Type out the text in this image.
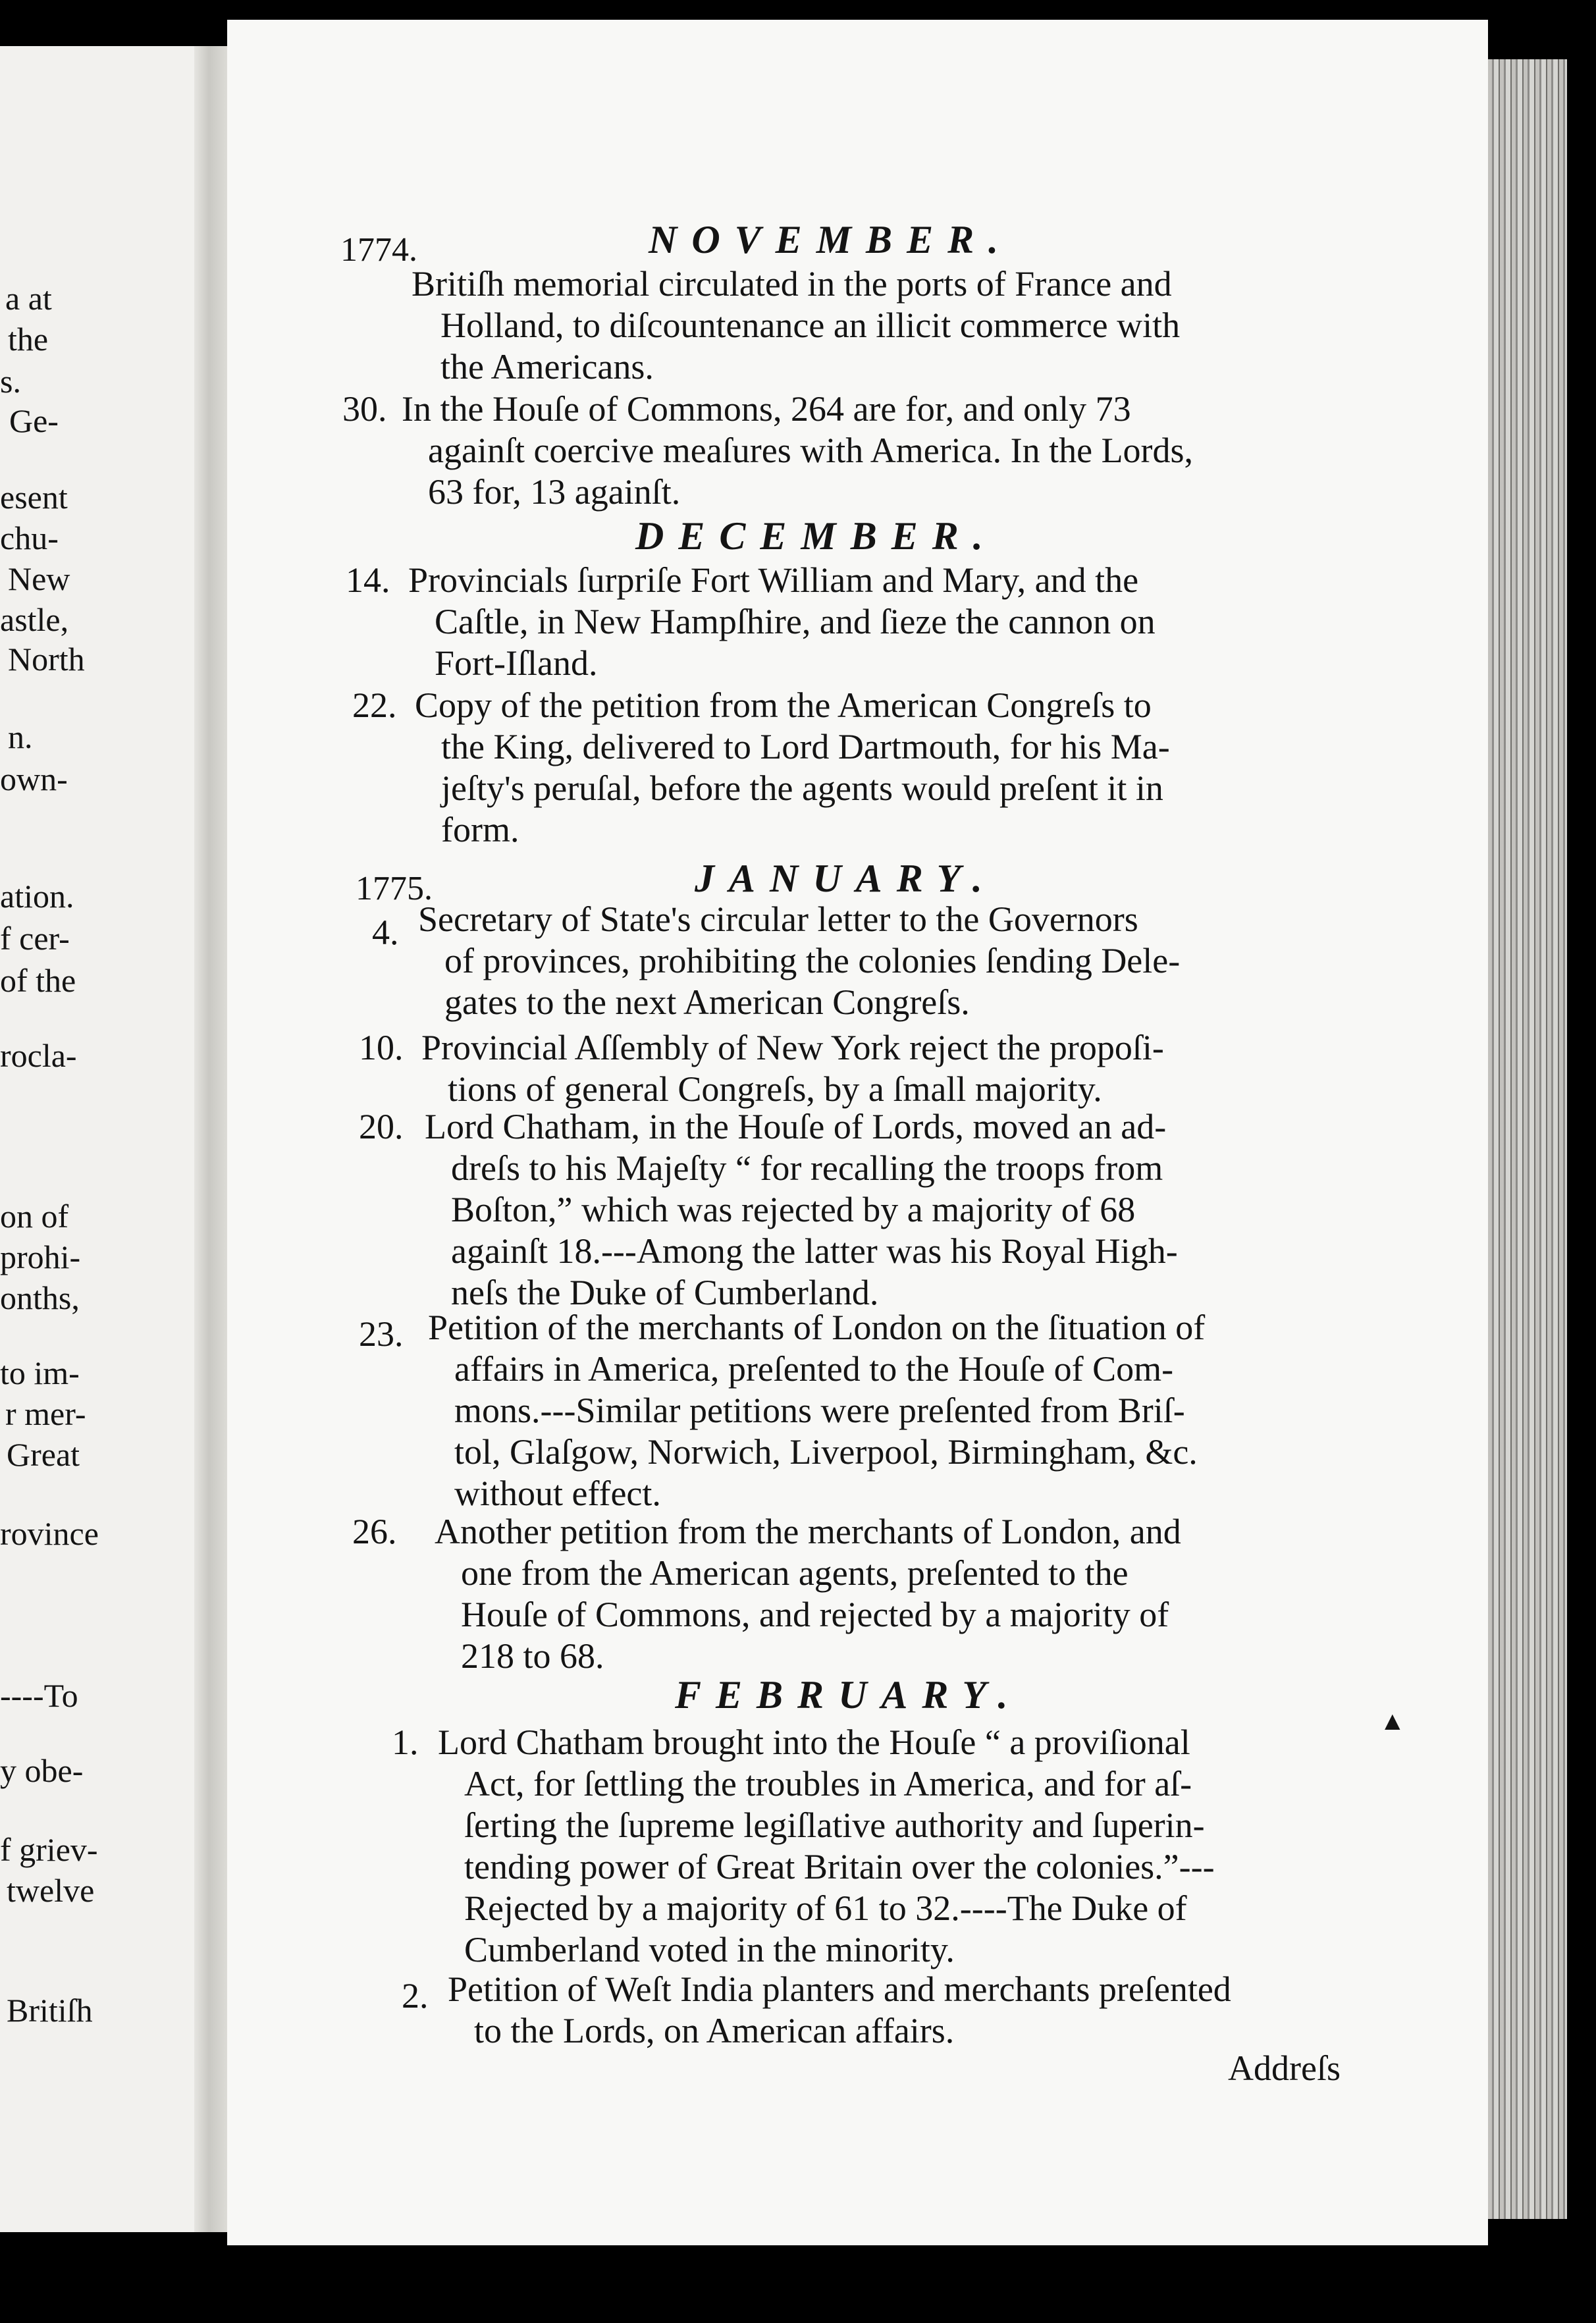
a at
the
s.
Ge-
esent
chu-
New
astle,
North
n.
own-
ation.
f cer-
of the
rocla-
on of
prohi-
onths,
to im-
r mer-
Great
rovince
----To
y obe-
f griev-
twelve
Britiſh
1774.	NOVEMBER.
Britiſh memorial circulated in the ports of France and
Holland, to diſcountenance an illicit commerce with
the Americans.
30. In the Houſe of Commons, 264 are for, and only 73
againſt coercive meaſures with America. In the Lords,
63 for, 13 againſt.
DECEMBER.
14. Provincials ſurpriſe Fort William and Mary, and the
Caſtle, in New Hampſhire, and ſieze the cannon on
Fort-Iſland.
22. Copy of the petition from the American Congreſs to
the King, delivered to Lord Dartmouth, for his Ma-
jeſty's peruſal, before the agents would preſent it in
form.
1775.	JANUARY.
4. Secretary of State's circular letter to the Governors
of provinces, prohibiting the colonies ſending Dele-
gates to the next American Congreſs.
10. Provincial Aſſembly of New York reject the propoſi-
tions of general Congreſs, by a ſmall majority.
20. Lord Chatham, in the Houſe of Lords, moved an ad-
dreſs to his Majeſty “ for recalling the troops from
Boſton,” which was rejected by a majority of 68
againſt 18.---Among the latter was his Royal High-
neſs the Duke of Cumberland.
23. Petition of the merchants of London on the ſituation of
affairs in America, preſented to the Houſe of Com-
mons.---Similar petitions were preſented from Briſ-
tol, Glaſgow, Norwich, Liverpool, Birmingham, &c.
without effect.
26.	Another petition from the merchants of London, and
one from the American agents, preſented to the
Houſe of Commons, and rejected by a majority of
218 to 68.
FEBRUARY.
1. Lord Chatham brought into the Houſe “ a proviſional
Act, for ſettling the troubles in America, and for aſ-
ſerting the ſupreme legiſlative authority and ſuperin-
tending power of Great Britain over the colonies.”---
Rejected by a majority of 61 to 32.----The Duke of
Cumberland voted in the minority.
2. Petition of Weſt India planters and merchants preſented
to the Lords, on American affairs.
Addreſs
▲
